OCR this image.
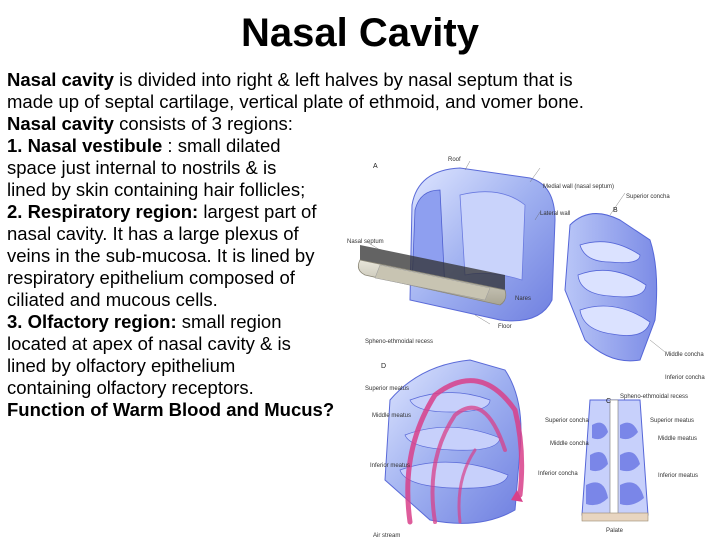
Nasal Cavity

Nasal cavity is divided into right & left halves by nasal septum that is

made up of septal cartilage, vertical plate of ethmoid, and vomer bone.

Nasal cavity consists of 3 regions:

1. Nasal vestibule : small dilated

space just internal to nostrils & is

lined by skin containing hair follicles;

2. Respiratory region: largest part of

nasal cavity. It has a large plexus of

veins in the sub-mucosa. It is lined by

respiratory epithelium composed of

ciliated and mucous cells.

3. Olfactory region: small region

located at apex of nasal cavity & is

lined by olfactory epithelium

containing olfactory receptors.

Function of Warm Blood and Mucus?

A
B
C
D
Roof
Medial wall (nasal septum)
Lateral wall
Superior concha
Nasal septum
Nares
Floor
Spheno-ethmoidal recess
Middle concha
Inferior concha
Superior meatus
Spheno-ethmoidal recess
Middle meatus
Superior concha	Superior meatus
Middle concha
Middle meatus
Inferior meatus
Inferior concha	Inferior meatus
Palate
Air stream
